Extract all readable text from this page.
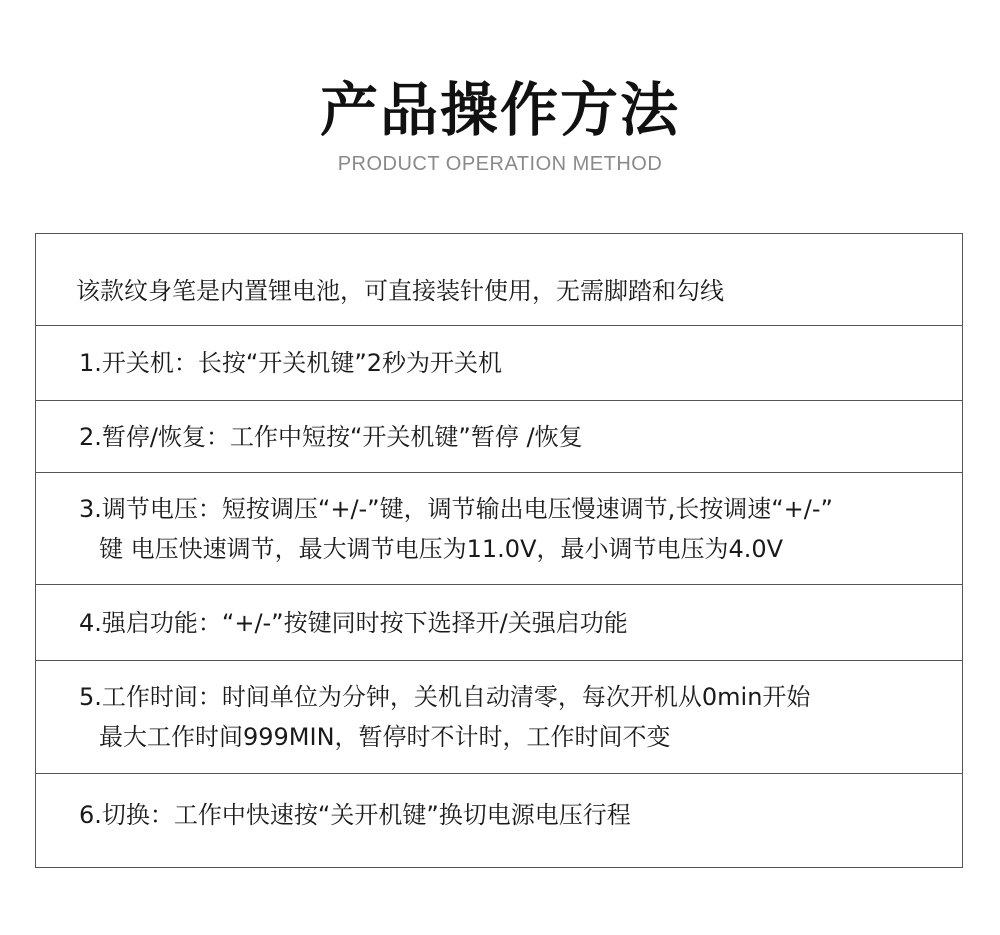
产品操作方法
PRODUCT OPERATION METHOD
该款纹身笔是内置锂电池，可直接装针使用，无需脚踏和勾线
1.开关机：长按“开关机键”2秒为开关机
2.暂停/恢复：工作中短按“开关机键”暂停 /恢复
3.调节电压：短按调压“+/-”键，调节输出电压慢速调节,长按调速“+/-”
键 电压快速调节，最大调节电压为11.0V，最小调节电压为4.0V
4.强启功能：“+/-”按键同时按下选择开/关强启功能
5.工作时间：时间单位为分钟，关机自动清零，每次开机从0min开始
最大工作时间999MIN，暂停时不计时，工作时间不变
6.切换：工作中快速按“关开机键”换切电源电压行程
